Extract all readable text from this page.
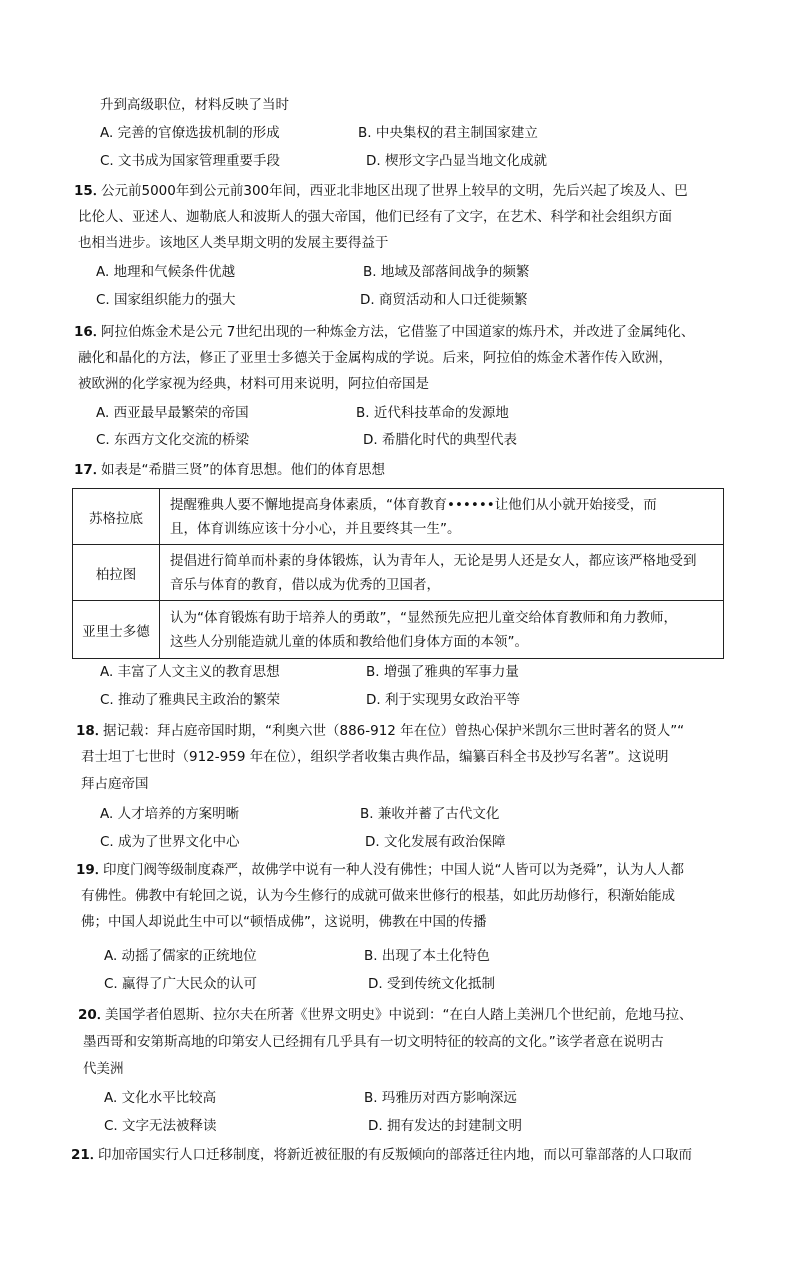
升到高级职位，材料反映了当时
A. 完善的官僚选拔机制的形成	B. 中央集权的君主制国家建立
C. 文书成为国家管理重要手段	D. 楔形文字凸显当地文化成就
15．
公元前5000年到公元前300年间，西亚北非地区出现了世界上较早的文明，先后兴起了埃及人、巴
比伦人、亚述人、迦勒底人和波斯人的强大帝国，他们已经有了文字，在艺术、科学和社会组织方面
也相当进步。该地区人类早期文明的发展主要得益于
A. 地理和气候条件优越	B. 地域及部落间战争的频繁
C. 国家组织能力的强大	D. 商贸活动和人口迁徙频繁
16．
阿拉伯炼金术是公元 7世纪出现的一种炼金方法，它借鉴了中国道家的炼丹术，并改进了金属纯化、
融化和晶化的方法，修正了亚里士多德关于金属构成的学说。后来，阿拉伯的炼金术著作传入欧洲，
被欧洲的化学家视为经典，材料可用来说明，阿拉伯帝国是
A. 西亚最早最繁荣的帝国	B. 近代科技革命的发源地
C. 东西方文化交流的桥梁	D. 希腊化时代的典型代表
17．
如表是“希腊三贤”的体育思想。他们的体育思想
苏格拉底	提醒雅典人要不懈地提高身体素质，“体育教育••••••让他们从小就开始接受，而
且，体育训练应该十分小心，并且要终其一生”。

柏拉图	提倡进行简单而朴素的身体锻炼，认为青年人，无论是男人还是女人，都应该严格地受到
音乐与体育的教育，借以成为优秀的卫国者，

亚里士多德	认为“体育锻炼有助于培养人的勇敢”，“显然预先应把儿童交给体育教师和角力教师，
这些人分别能造就儿童的体质和教给他们身体方面的本领”。
A. 丰富了人文主义的教育思想	B. 增强了雅典的军事力量
C. 推动了雅典民主政治的繁荣	D. 利于实现男女政治平等
18．
据记载：拜占庭帝国时期，“利奥六世（886-912 年在位）曾热心保护米凯尔三世时著名的贤人”“
君士坦丁七世时（912-959 年在位），组织学者收集古典作品，编纂百科全书及抄写名著”。这说明
拜占庭帝国
A. 人才培养的方案明晰	B. 兼收并蓄了古代文化
C. 成为了世界文化中心	D. 文化发展有政治保障
19．
印度门阀等级制度森严，故佛学中说有一种人没有佛性；中国人说“人皆可以为尧舜”，认为人人都
有佛性。佛教中有轮回之说，认为今生修行的成就可做来世修行的根基，如此历劫修行，积渐始能成
佛；中国人却说此生中可以“顿悟成佛”，这说明，佛教在中国的传播
A. 动摇了儒家的正统地位	B. 出现了本土化特色
C. 赢得了广大民众的认可	D. 受到传统文化抵制
20．
美国学者伯恩斯、拉尔夫在所著《世界文明史》中说到：“在白人踏上美洲几个世纪前，危地马拉、
墨西哥和安第斯高地的印第安人已经拥有几乎具有一切文明特征的较高的文化。”该学者意在说明古
代美洲
A. 文化水平比较高	B. 玛雅历对西方影响深远
C. 文字无法被释读	D. 拥有发达的封建制文明
21．
印加帝国实行人口迁移制度，将新近被征服的有反叛倾向的部落迁往内地，而以可靠部落的人口取而
